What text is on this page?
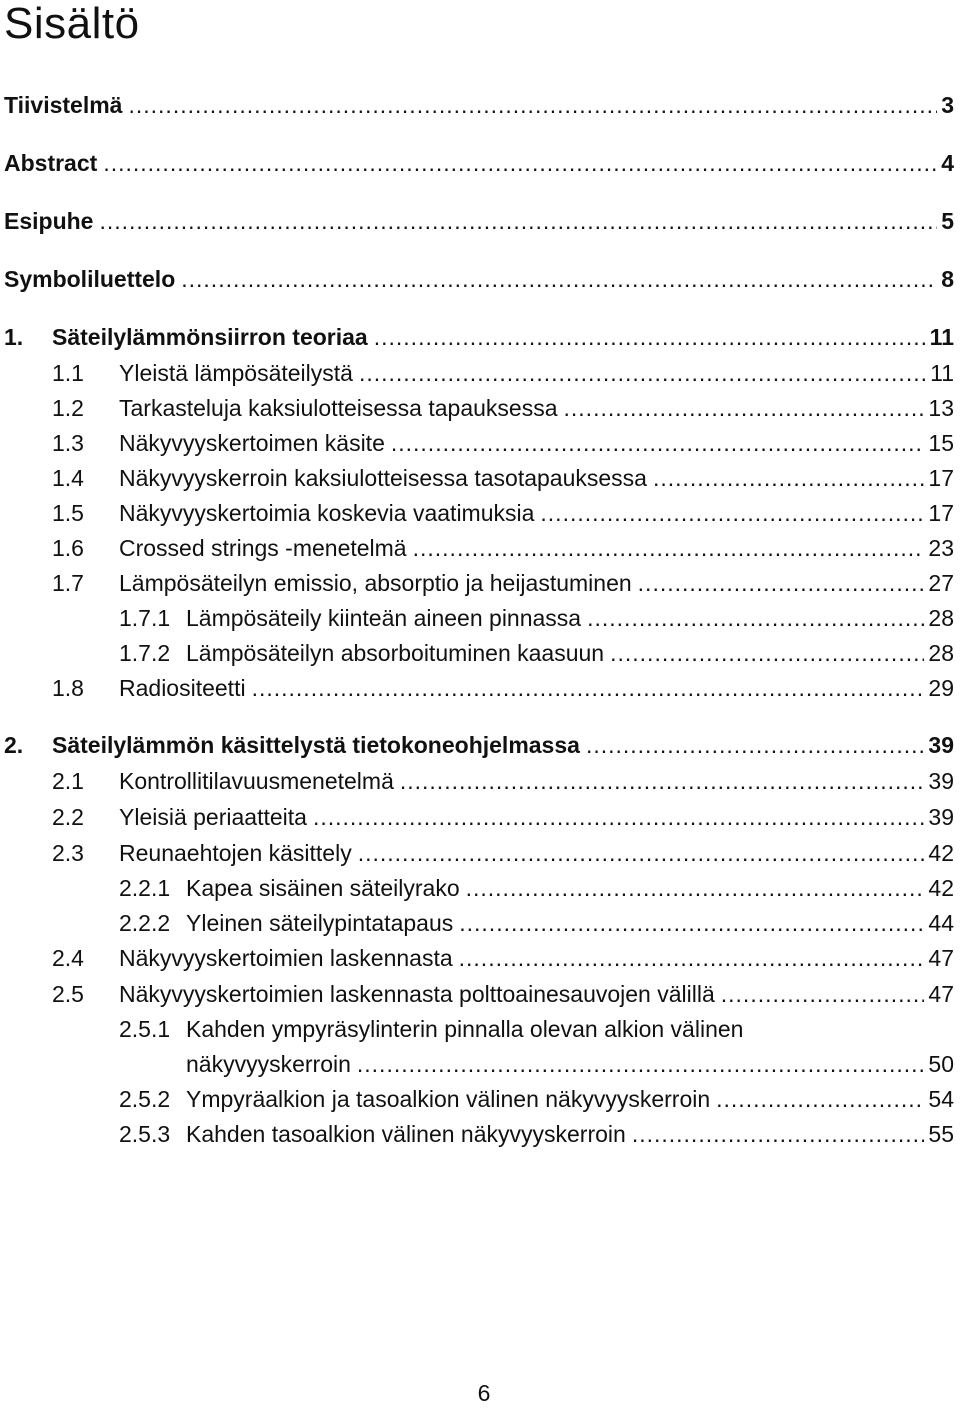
Sisältö
Tiivistelmä .....	3
Abstract .....	4
Esipuhe .....	5
Symboliluettelo .....	8
1.	Säteilylämmönsiirron teoriaa .....	11
1.1	Yleistä lämpösäteilystä .....	11
1.2	Tarkasteluja kaksiulotteisessa tapauksessa .....	13
1.3	Näkyvyyskertoimen käsite .....	15
1.4	Näkyvyyskerroin kaksiulotteisessa tasotapauksessa .....	17
1.5	Näkyvyyskertoimia koskevia vaatimuksia .....	17
1.6	Crossed strings -menetelmä .....	23
1.7	Lämpösäteilyn emissio, absorptio ja heijastuminen .....	27
1.7.1 Lämpösäteily kiinteän aineen pinnassa .....	28
1.7.2 Lämpösäteilyn absorboituminen kaasuun .....	28
1.8	Radiositeetti .....	29
2.	Säteilylämmön käsittelystä tietokoneohjelmassa .....	39
2.1	Kontrollitilavuusmenetelmä .....	39
2.2	Yleisiä periaatteita .....	39
2.3	Reunaehtojen käsittely .....	42
2.2.1 Kapea sisäinen säteilyrako .....	42
2.2.2 Yleinen säteilypintatapaus .....	44
2.4	Näkyvyyskertoimien laskennasta .....	47
2.5	Näkyvyyskertoimien laskennasta polttoainesauvojen välillä .....	47
2.5.1 Kahden ympyräsylinterin pinnalla olevan alkion välinen
näkyvyyskerroin .....	50
2.5.2 Ympyräalkion ja tasoalkion välinen näkyvyyskerroin .....	54
2.5.3 Kahden tasoalkion välinen näkyvyyskerroin .....	55
6
